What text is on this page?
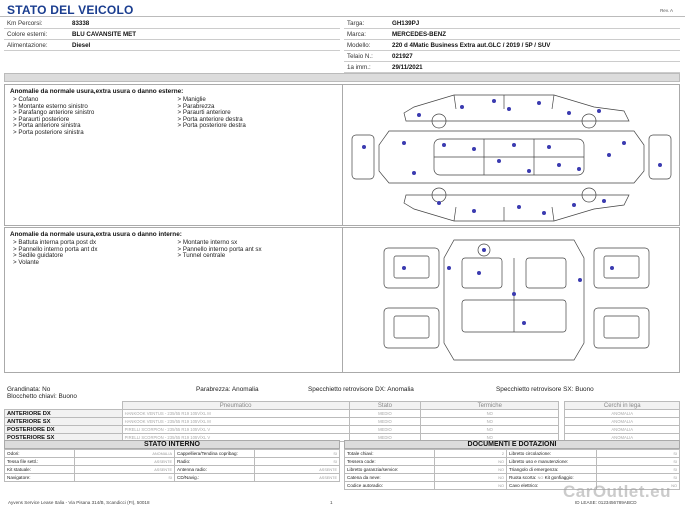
STATO DEL VEICOLO	Rev. A
Km Percorsi:	83338
Colore esterni:	BLU CAVANSITE MET
Alimentazione:	Diesel
Targa:	GH139PJ
Marca:	MERCEDES-BENZ
Modello:	220 d 4Matic Business Extra aut.GLC / 2019 / 5P / SUV
Telaio N.:	021927
1a imm.:	29/11/2021
Anomalie da normale usura,extra usura o danno esterne:
> Cofano
> Montante esterno sinistro
> Parafango anteriore sinistro
> Paraurti posteriore
> Porta anteriore sinistra
> Porta posteriore sinistra
> Maniglie
> Parabrezza
> Paraurti anteriore
> Porta anteriore destra
> Porta posteriore destra
Anomalie da normale usura,extra usura o danno interne:
> Battuta interna porta post dx
> Pannello interno porta ant dx
> Sedile guidatore
> Volante
> Montante interno sx
> Pannello interno porta ant sx
> Tunnel centrale
Grandinata: No	Parabrezza: Anomalia	Specchietto retrovisore DX: Anomalia	Specchietto retrovisore SX: Buono
Blocchetto chiavi: Buono
	Pneumatico	Stato	Termiche		Cerchi in lega
ANTERIORE DX	HANKOOK VENTUS - 235/55 R19 105V/XL M	MEDIO	NO		ANOMALIA
ANTERIORE SX	HANKOOK VENTUS - 235/55 R19 105V/XL M	MEDIO	NO		ANOMALIA
POSTERIORE DX	PIRELLI SCORPION - 235/55 R19 105V/XL V	MEDIO	NO		ANOMALIA
POSTERIORE SX	PIRELLI SCORPION - 235/55 R19 105V/XL V	MEDIO	NO		ANOMALIA
STATO INTERNO
Odori:	ANOMALIA	Cappelliera/Tendina copribag:	SI
Tessa file settl.:	ASSENTE	Radio:	SI
Kit statuale:	ASSENTE	Antenna radio:	ASSENTE
Navigatore:	SI	CD/Navig.:	ASSENTE
DOCUMENTI E DOTAZIONI
Totale chiavi:	2	Libretto circolazione:	SI
Tessera code:	NO	Libretto uso e manutenzione:	SI
Libretto garanzia/service:	NO	Triangolo di emergenza:	SI
Catena da neve:	NO	Ruota scorta: NO Kit gonfiaggio:	SI
Codice autoradio:	NO	Cavo elettrico:	NO
Ayvens Service Lease Italia - Via Pisana 314/B, Scandicci (FI), 50018	1	ID LEASE: 0123456789ABCD
CarOutlet.eu
